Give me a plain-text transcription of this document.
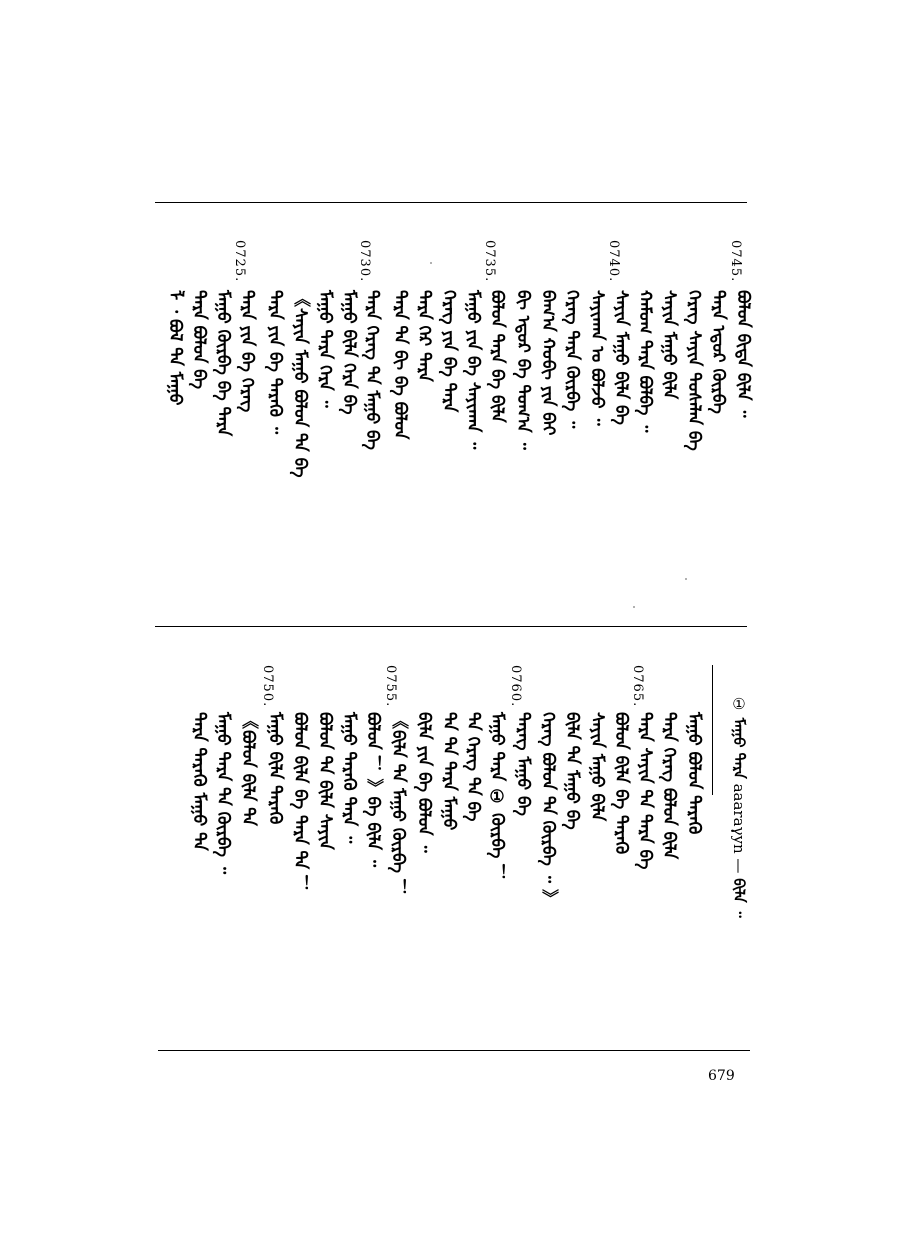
0745.
0740.
0735.
0730.
0725.
ᠪᠣᠯᠤᠨ ᠪᠢᠳᠡ ᠪᠢᠯᠡ ᠃
ᠲᠡᠷᠡ ᠡᠳᠦᠷ ᠬᠦᠷᠪᠡ
ᠬᠡᠷᠡᠭ ᠰᠠᠶᠢᠨ ᠲᠤᠰᠠᠯᠠᠨ ᠪᠠ
ᠰᠠᠶᠢᠨ ᠮᠠᠭᠤ ᠪᠢᠯᠡ
ᠬᠠᠮᠤᠭ ᠲᠡᠷᠡ ᠪᠣᠯᠪᠠ ᠃
ᠰᠠᠶᠢᠨ ᠮᠠᠭᠤ ᠪᠢᠯᠡ ᠪᠠ
ᠰᠠᠶᠢᠬᠠᠨ ᠤ ᠪᠣᠯᠵᠤ ᠃
ᠬᠡᠷᠡᠭ ᠲᠡᠷᠡ ᠬᠦᠷᠪᠡ ᠃
ᠪᠠᠭ᠎ᠠ ᠬᠤᠪᠢ ᠶᠢᠨ ᠪᠠᠢ
ᠪᠢ ᠡᠳᠦᠷ ᠪᠠ ᠲᠣᠭ᠎ᠠ ᠃
ᠪᠣᠯᠤᠨ ᠲᠡᠷᠡ ᠪᠠ ᠪᠢᠯᠡ
ᠮᠠᠭᠤ ᠶᠢᠨ ᠪᠠ ᠰᠠᠶᠢᠬᠠᠨ ᠃
ᠬᠡᠷᠡᠭ ᠶᠢᠨ ᠪᠠ ᠲᠡᠷᠡ
ᠲᠡᠷᠡ ᠭᠡᠷ ᠲᠡᠷᠡ
ᠲᠡᠷᠡ ᠲᠡ ᠪᠢ ᠪᠠ ᠪᠣᠯᠤᠨ
ᠲᠡᠷᠡ ᠬᠡᠷᠡᠭ ᠲᠡ ᠮᠠᠭᠤ ᠪᠠ
ᠮᠠᠭᠤ ᠪᠢᠯᠡ ᠬᠡᠷᠡ ᠪᠠ
ᠮᠠᠭᠤ ᠲᠡᠷᠡ ᠬᠡᠷᠡ ᠃
《ᠰᠠᠶᠢᠨ ᠮᠠᠭᠤ ᠪᠣᠯᠤᠨ ᠲᠡ ᠪᠠ
ᠲᠡᠷᠡ ᠶᠢᠨ ᠪᠠ ᠲᠡᠷᠡᠭᠦ ᠃
ᠲᠡᠷᠡ ᠶᠢᠨ ᠪᠠ ᠬᠡᠷᠡᠭ
ᠮᠠᠭᠤ ᠬᠦᠷᠪᠡ ᠪᠠ ᠲᠡᠷᠡ
ᠲᠡᠷᠡ ᠪᠣᠯᠤᠨ ᠪᠠ
ᠯ ᠂ ᠪᠣᠯ ᠲᠡ ᠮᠠᠭᠤ
① ᠮᠠᠭᠤ ᠲᠡᠷᠡ aaaraγyn — ᠪᠢᠯᠡ ᠃
0765.
0760.
0755.
0750.
ᠮᠠᠭᠤ ᠪᠣᠯᠤᠨ ᠲᠡᠷᠡᠭᠦ
ᠲᠡᠷᠡ ᠬᠡᠷᠡᠭ ᠪᠣᠯᠤᠨ ᠪᠢᠯᠡ
ᠲᠡᠷᠡ ᠰᠠᠶᠢᠨ ᠲᠡ ᠲᠡᠷᠡ ᠪᠠ
ᠪᠣᠯᠤᠨ ᠪᠢᠯᠡ ᠪᠠ ᠲᠡᠷᠡᠭᠦ
ᠰᠠᠶᠢᠨ ᠮᠠᠭᠤ ᠪᠢᠯᠡ
ᠪᠢᠯᠡ ᠲᠡ ᠮᠠᠭᠤ ᠪᠠ
ᠬᠡᠷᠡᠭ ᠪᠣᠯᠤᠨ ᠲᠡ ᠬᠦᠷᠪᠡ ᠃ 》
ᠲᠡᠷᠡᠭ ᠮᠠᠭᠤ ᠪᠠ
ᠮᠠᠭᠤ ᠲᠡᠷᠡ ① ᠬᠦᠷᠪᠡ ！
ᠲᠡ ᠬᠡᠷᠡᠭ ᠲᠡ ᠪᠠ
ᠲᠡ ᠲᠡ ᠲᠡᠷᠡ ᠮᠠᠭᠤ
ᠪᠢᠯᠡ ᠶᠢᠨ ᠪᠠ ᠪᠣᠯᠤᠨ ᠃
《ᠪᠢᠯᠡ ᠲᠡ ᠮᠠᠭᠤ ᠬᠦᠷᠪᠡ ！
ᠪᠣᠯᠤᠨ ！ 》ᠪᠠ ᠪᠢᠯᠡ ᠃
ᠮᠠᠭᠤ ᠲᠡᠷᠡᠭᠦ ᠲᠡᠷᠡ ᠃
ᠪᠣᠯᠤᠨ ᠲᠡ ᠪᠢᠯᠡ ᠰᠠᠶᠢᠨ
ᠪᠣᠯᠤᠨ ᠪᠢᠯᠡ ᠪᠠ ᠲᠡᠷᠡ ᠲᠡ ！
ᠮᠠᠭᠤ ᠪᠢᠯᠡ ᠲᠡᠷᠡᠭᠦ
《ᠪᠣᠯᠤᠨ ᠪᠢᠯᠡ ᠲᠡ
ᠮᠠᠭᠤ ᠲᠡᠷᠡ ᠲᠡ ᠬᠦᠷᠪᠡ ᠃
ᠲᠡᠷᠡ ᠲᠡᠷᠡᠭᠦ ᠮᠠᠭᠤ ᠲᠡ
679
